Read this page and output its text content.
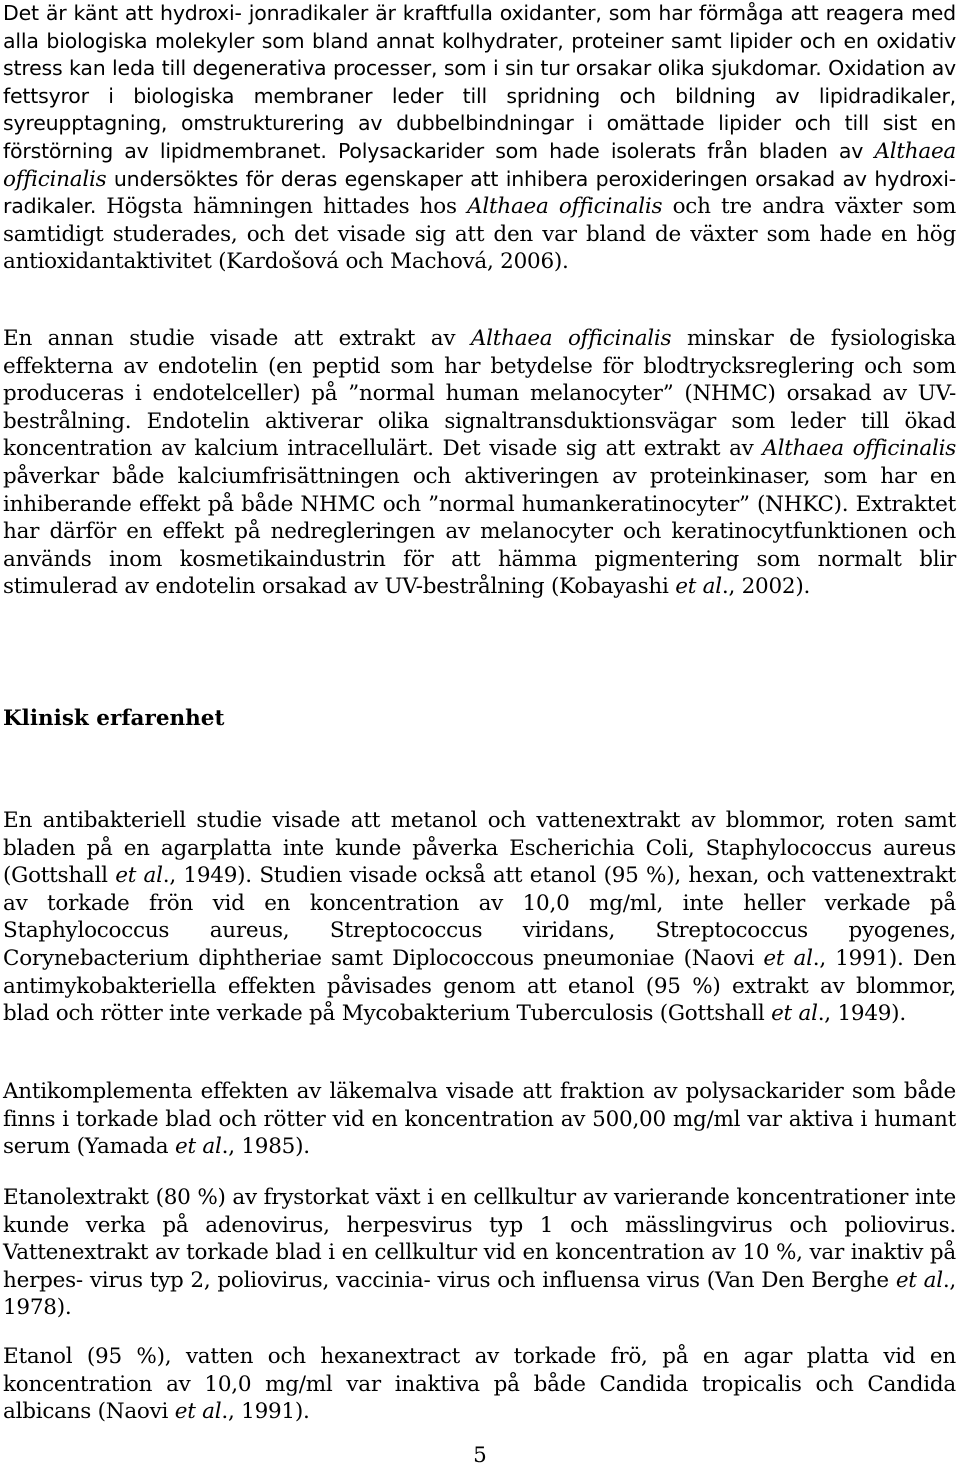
Det är känt att hydroxi- jonradikaler är kraftfulla oxidanter, som har förmåga att reagera med alla biologiska molekyler som bland annat kolhydrater, proteiner samt lipider och en oxidativ stress kan leda till degenerativa processer, som i sin tur orsakar olika sjukdomar. Oxidation av fettsyror i biologiska membraner leder till spridning och bildning av lipidradikaler, syreupptagning, omstrukturering av dubbelbindningar i omättade lipider och till sist en förstörning av lipidmembranet. Polysackarider som hade isolerats från bladen av Althaea officinalis undersöktes för deras egenskaper att inhibera peroxideringen orsakad av hydroxi- radikaler. Högsta hämningen hittades hos Althaea officinalis och tre andra växter som samtidigt studerades, och det visade sig att den var bland de växter som hade en hög antioxidantaktivitet (Kardošová och Machová, 2006).

En annan studie visade att extrakt av Althaea officinalis minskar de fysiologiska effekterna av endotelin (en peptid som har betydelse för blodtrycksreglering och som produceras i endotelceller) på ”normal human melanocyter” (NHMC) orsakad av UV- bestrålning. Endotelin aktiverar olika signaltransduktionsvägar som leder till ökad koncentration av kalcium intracellulärt. Det visade sig att extrakt av Althaea officinalis påverkar både kalciumfrisättningen och aktiveringen av proteinkinaser, som har en inhiberande effekt på både NHMC och ”normal humankeratinocyter” (NHKC). Extraktet har därför en effekt på nedregleringen av melanocyter och keratinocytfunktionen och används inom kosmetikaindustrin för att hämma pigmentering som normalt blir stimulerad av endotelin orsakad av UV-bestrålning (Kobayashi et al., 2002).

Klinisk erfarenhet

En antibakteriell studie visade att metanol och vattenextrakt av blommor, roten samt bladen på en agarplatta inte kunde påverka Escherichia Coli, Staphylococcus aureus (Gottshall et al., 1949). Studien visade också att etanol (95 %), hexan, och vattenextrakt av torkade frön vid en koncentration av 10,0 mg/ml, inte heller verkade på Staphylococcus aureus, Streptococcus viridans, Streptococcus pyogenes, Corynebacterium diphtheriae samt Diplococcous pneumoniae (Naovi et al., 1991). Den antimykobakteriella effekten påvisades genom att etanol (95 %) extrakt av blommor, blad och rötter inte verkade på Mycobakterium Tuberculosis (Gottshall et al., 1949).

Antikomplementa effekten av läkemalva visade att fraktion av polysackarider som både finns i torkade blad och rötter vid en koncentration av 500,00 mg/ml var aktiva i humant serum (Yamada et al., 1985).

Etanolextrakt (80 %) av frystorkat växt i en cellkultur av varierande koncentrationer inte kunde verka på adenovirus, herpesvirus typ 1 och mässlingvirus och poliovirus. Vattenextrakt av torkade blad i en cellkultur vid en koncentration av 10 %, var inaktiv på herpes- virus typ 2, poliovirus, vaccinia- virus och influensa virus (Van Den Berghe et al., 1978).

Etanol (95 %), vatten och hexanextract av torkade frö, på en agar platta vid en koncentration av 10,0 mg/ml var inaktiva på både Candida tropicalis och Candida albicans (Naovi et al., 1991).

5
